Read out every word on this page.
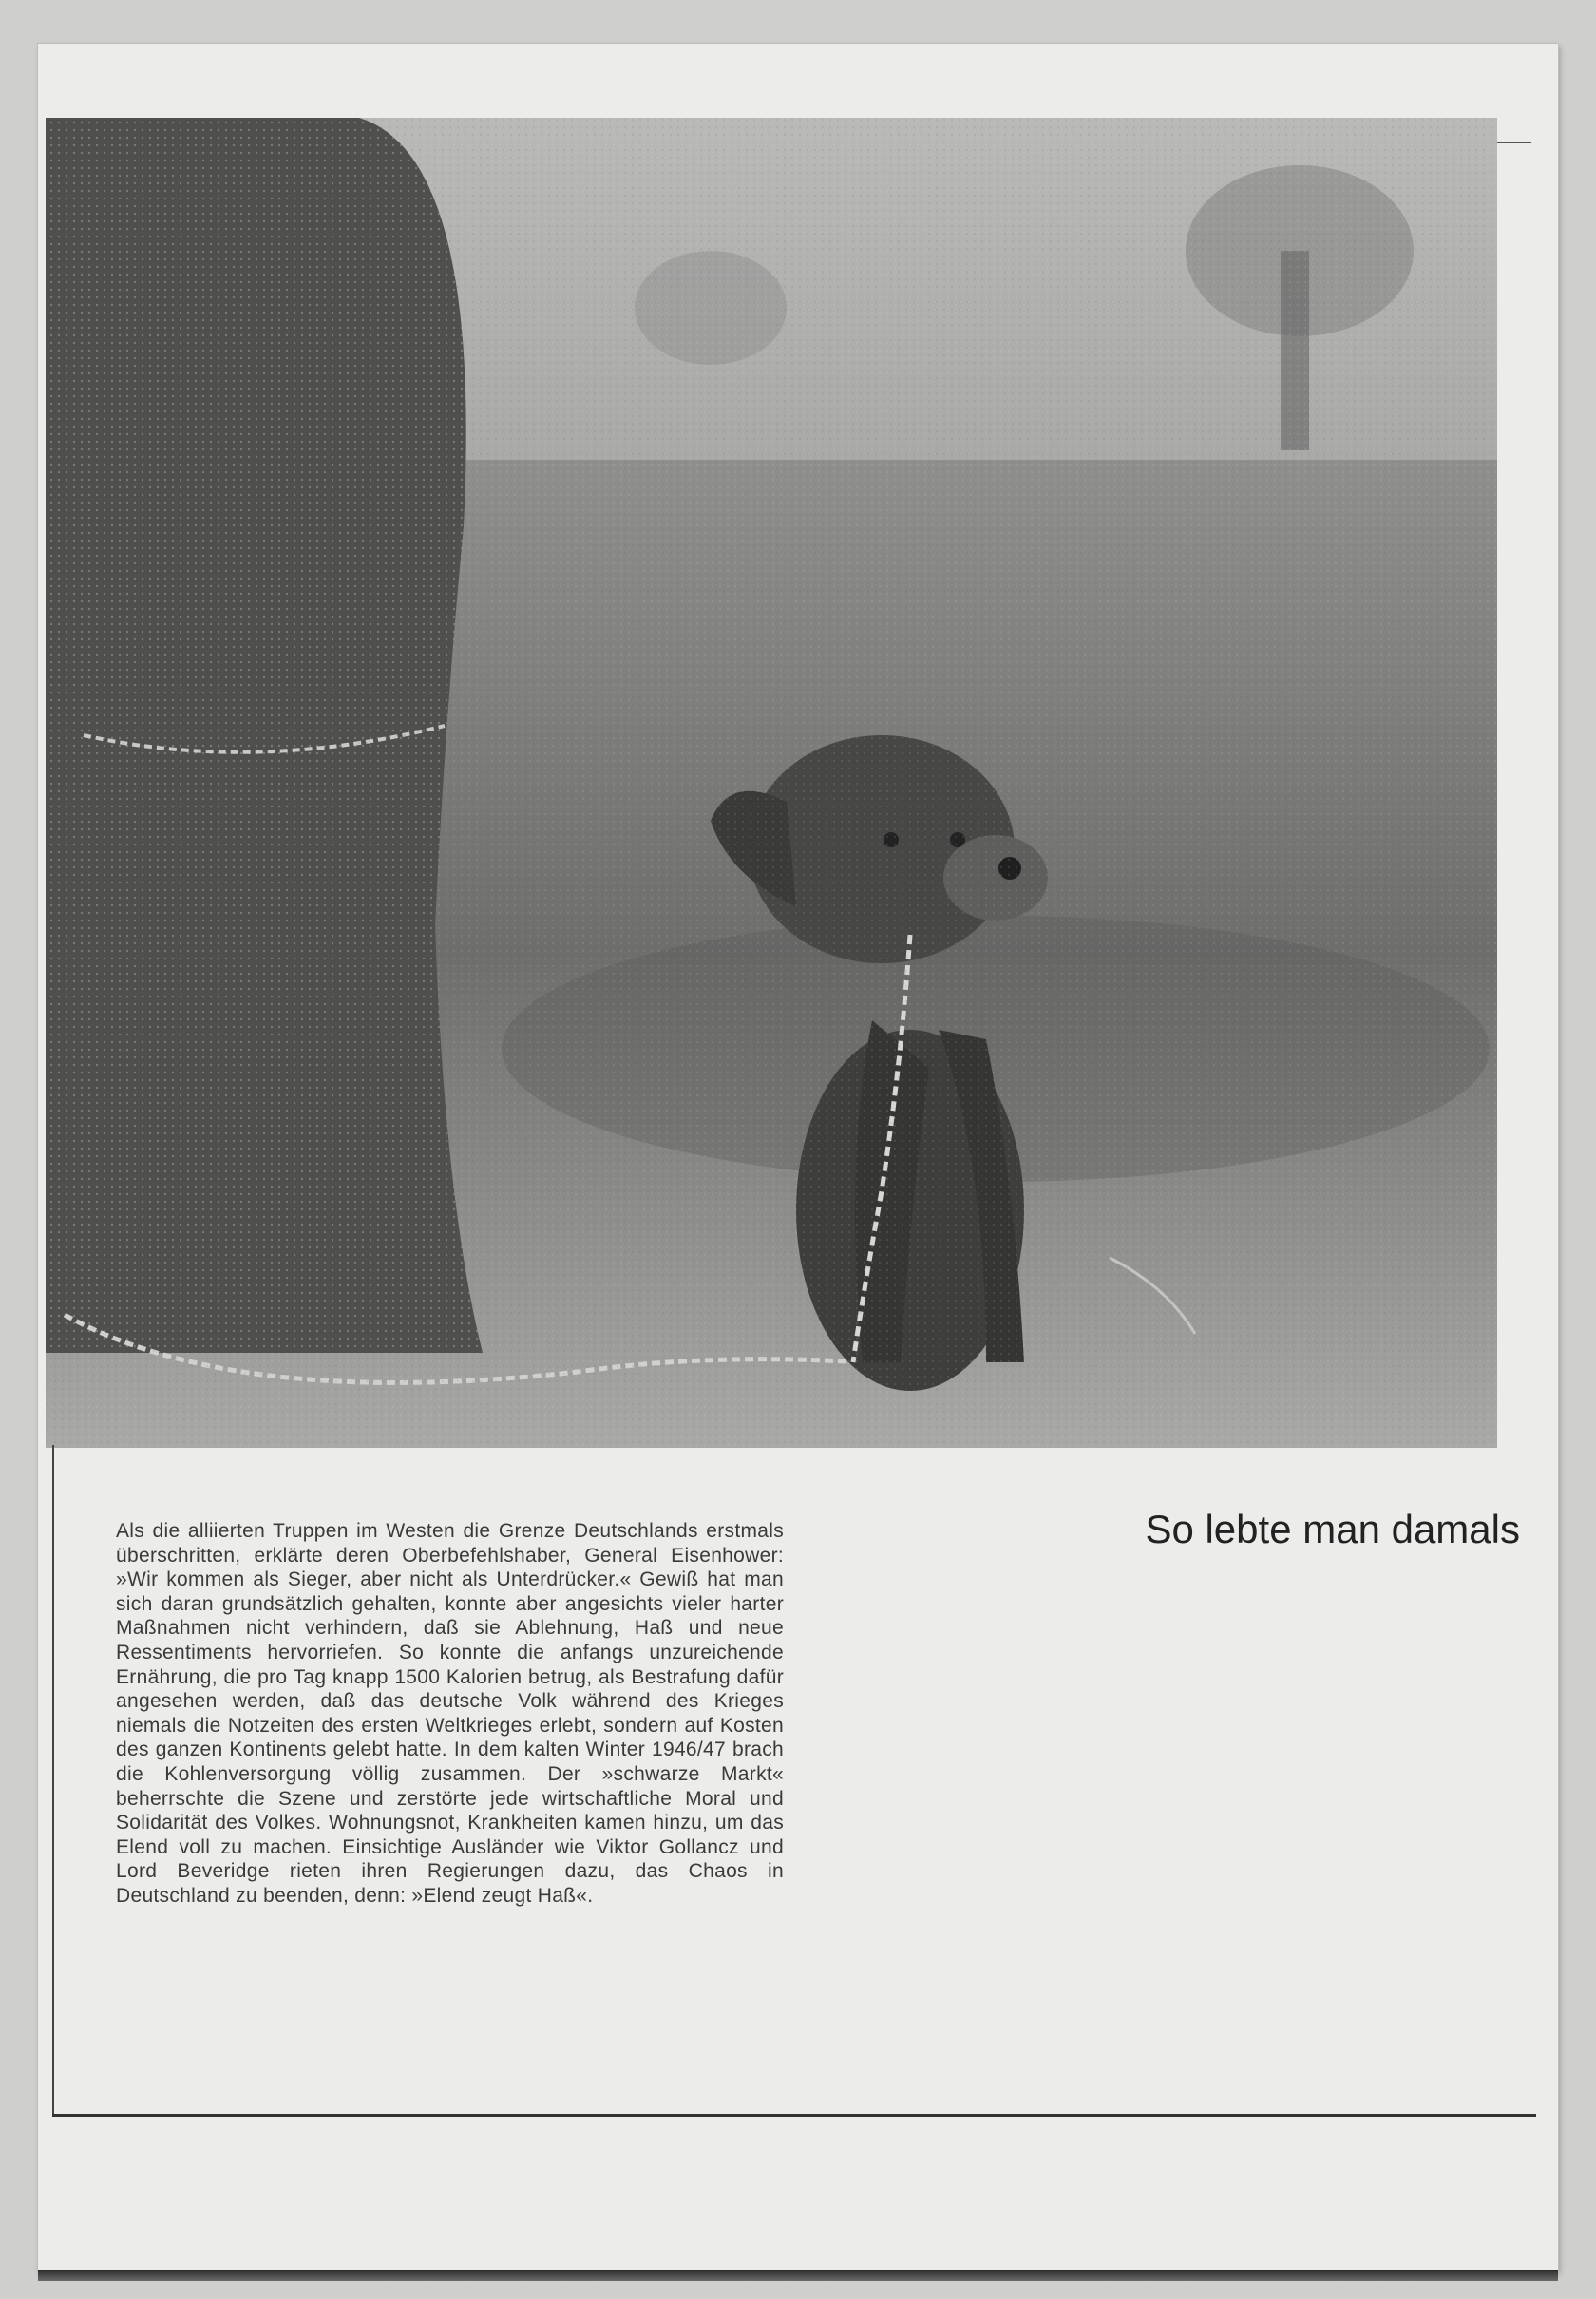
Als die alliierten Truppen im Westen die Grenze Deutschlands erstmals überschritten, erklärte deren Oberbefehlshaber, General Eisenhower: »Wir kommen als Sieger, aber nicht als Unterdrücker.« Gewiß hat man sich daran grundsätzlich gehalten, konnte aber angesichts vieler harter Maßnahmen nicht verhindern, daß sie Ablehnung, Haß und neue Ressentiments hervorriefen. So konnte die anfangs unzureichende Ernährung, die pro Tag knapp 1500 Kalorien betrug, als Bestrafung dafür angesehen werden, daß das deutsche Volk während des Krieges niemals die Notzeiten des ersten Weltkrieges erlebt, sondern auf Kosten des ganzen Kontinents gelebt hatte. In dem kalten Winter 1946/47 brach die Kohlenversorgung völlig zusammen. Der »schwarze Markt« beherrschte die Szene und zerstörte jede wirtschaftliche Moral und Solidarität des Volkes. Wohnungsnot, Krankheiten kamen hinzu, um das Elend voll zu machen. Einsichtige Ausländer wie Viktor Gollancz und Lord Beveridge rieten ihren Regierungen dazu, das Chaos in Deutschland zu beenden, denn: »Elend zeugt Haß«.
So lebte man damals
